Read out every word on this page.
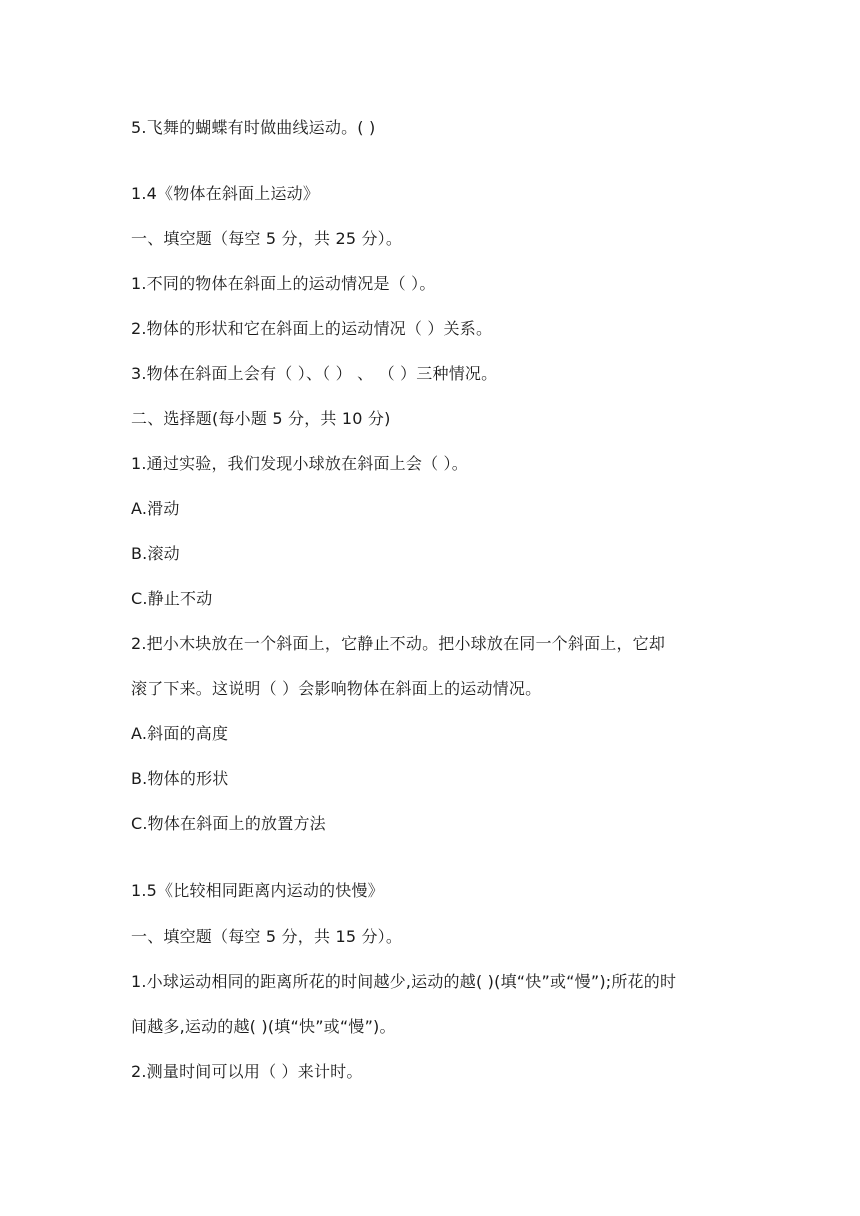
5.飞舞的蝴蝶有时做曲线运动。( )
1.4《物体在斜面上运动》
一、填空题（每空 5 分，共 25 分）。
1.不同的物体在斜面上的运动情况是（ ）。
2.物体的形状和它在斜面上的运动情况（ ）关系。
3.物体在斜面上会有（ ）、（ ） 、 （ ）三种情况。
二、选择题(每小题 5 分，共 10 分)
1.通过实验，我们发现小球放在斜面上会（ ）。
A.滑动
B.滚动
C.静止不动
2.把小木块放在一个斜面上，它静止不动。把小球放在同一个斜面上，它却
滚了下来。这说明（ ）会影响物体在斜面上的运动情况。
A.斜面的高度
B.物体的形状
C.物体在斜面上的放置方法
1.5《比较相同距离内运动的快慢》
一、填空题（每空 5 分，共 15 分）。
1.小球运动相同的距离所花的时间越少,运动的越( )(填“快”或“慢”);所花的时
间越多,运动的越( )(填“快”或“慢”)。
2.测量时间可以用（ ）来计时。
